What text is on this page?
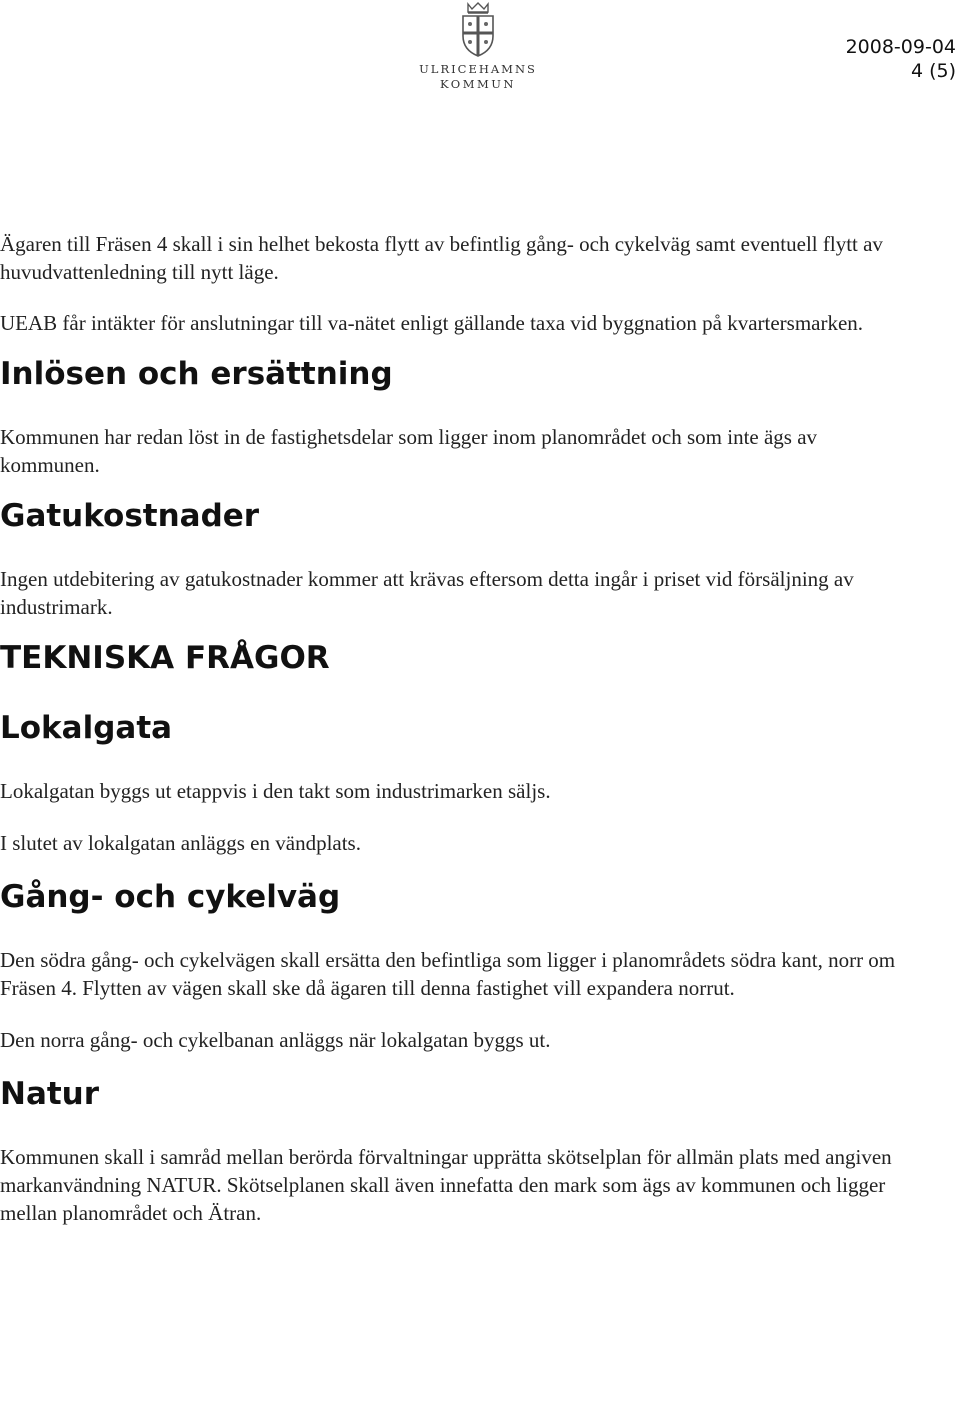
ULRICEHAMNS
KOMMUN
2008-09-04
4 (5)

Ägaren till Fräsen 4 skall i sin helhet bekosta flytt av befintlig gång- och cykelväg samt eventuell flytt av huvudvattenledning till nytt läge.

UEAB får intäkter för anslutningar till va-nätet enligt gällande taxa vid byggnation på kvartersmarken.

Inlösen och ersättning

Kommunen har redan löst in de fastighetsdelar som ligger inom planområdet och som inte ägs av kommunen.

Gatukostnader

Ingen utdebitering av gatukostnader kommer att krävas eftersom detta ingår i priset vid försäljning av industrimark.

TEKNISKA FRÅGOR
Lokalgata

Lokalgatan byggs ut etappvis i den takt som industrimarken säljs.

I slutet av lokalgatan anläggs en vändplats.

Gång- och cykelväg

Den södra gång- och cykelvägen skall ersätta den befintliga som ligger i planområdets södra kant, norr om Fräsen 4. Flytten av vägen skall ske då ägaren till denna fastighet vill expandera norrut.

Den norra gång- och cykelbanan anläggs när lokalgatan byggs ut.

Natur

Kommunen skall i samråd mellan berörda förvaltningar upprätta skötselplan för allmän plats med angiven markanvändning NATUR. Skötselplanen skall även innefatta den mark som ägs av kommunen och ligger mellan planområdet och Ätran.
